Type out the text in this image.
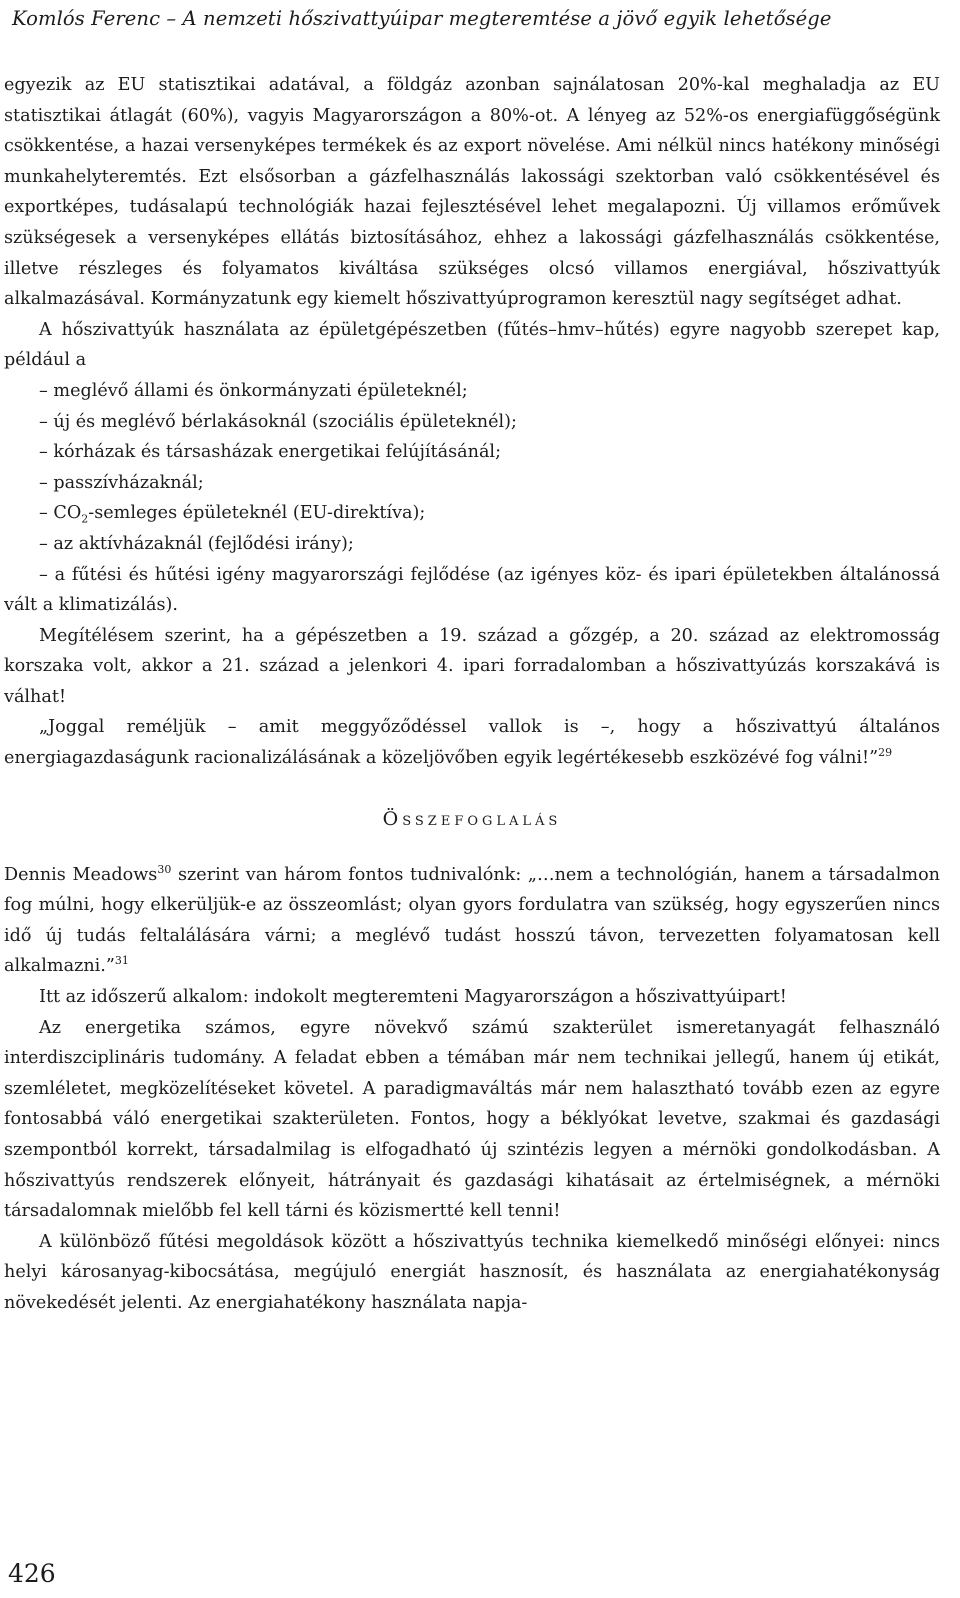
Komlós Ferenc – A nemzeti hőszivattyúipar megteremtése a jövő egyik lehetősége

egyezik az EU statisztikai adatával, a földgáz azonban sajnálatosan 20%-kal meghaladja az EU statisztikai átlagát (60%), vagyis Magyarországon a 80%-ot. A lényeg az 52%-os energiafüggőségünk csökkentése, a hazai versenyképes termékek és az export növelése. Ami nélkül nincs hatékony minőségi munkahelyteremtés. Ezt elsősorban a gázfelhasználás lakossági szektorban való csökkentésével és exportképes, tudásalapú technológiák hazai fejlesztésével lehet megalapozni. Új villamos erőművek szükségesek a versenyképes ellátás biztosításához, ehhez a lakossági gázfelhasználás csökkentése, illetve részleges és folyamatos kiváltása szükséges olcsó villamos energiával, hőszivattyúk alkalmazásával. Kormányzatunk egy kiemelt hőszivattyúprogramon keresztül nagy segítséget adhat.

A hőszivattyúk használata az épületgépészetben (fűtés–hmv–hűtés) egyre nagyobb szerepet kap, például a

– meglévő állami és önkormányzati épületeknél;
– új és meglévő bérlakásoknál (szociális épületeknél);
– kórházak és társasházak energetikai felújításánál;
– passzívházaknál;
– $CO_2$-semleges épületeknél (EU-direktíva);
– az aktívházaknál (fejlődési irány);
– a fűtési és hűtési igény magyarországi fejlődése (az igényes köz- és ipari épületekben általánossá vált a klimatizálás).

Megítélésem szerint, ha a gépészetben a 19. század a gőzgép, a 20. század az elektromosság korszaka volt, akkor a 21. század a jelenkori 4. ipari forradalomban a hőszivattyúzás korszakává is válhat!

„Joggal reméljük – amit meggyőződéssel vallok is –, hogy a hőszivattyú általános energiagazdaságunk racionalizálásának a közeljövőben egyik legértékesebb eszközévé fog válni!”$^{29}$

Összefoglalás

Dennis Meadows$^{30}$ szerint van három fontos tudnivalónk: „…nem a technológián, hanem a társadalmon fog múlni, hogy elkerüljük-e az összeomlást; olyan gyors fordulatra van szükség, hogy egyszerűen nincs idő új tudás feltalálására várni; a meglévő tudást hosszú távon, tervezetten folyamatosan kell alkalmazni.”$^{31}$

Itt az időszerű alkalom: indokolt megteremteni Magyarországon a hőszivattyúipart!

Az energetika számos, egyre növekvő számú szakterület ismeretanyagát felhasználó interdiszciplináris tudomány. A feladat ebben a témában már nem technikai jellegű, hanem új etikát, szemléletet, megközelítéseket követel. A paradigmaváltás már nem halasztható tovább ezen az egyre fontosabbá váló energetikai szakterületen. Fontos, hogy a béklyókat levetve, szakmai és gazdasági szempontból korrekt, társadalmilag is elfogadható új szintézis legyen a mérnöki gondolkodásban. A hőszivattyús rendszerek előnyeit, hátrányait és gazdasági kihatásait az értelmiségnek, a mérnöki társadalomnak mielőbb fel kell tárni és közismertté kell tenni!

A különböző fűtési megoldások között a hőszivattyús technika kiemelkedő minőségi előnyei: nincs helyi károsanyag-kibocsátása, megújuló energiát hasznosít, és használata az energiahatékonyság növekedését jelenti. Az energiahatékony használata napja-

426
